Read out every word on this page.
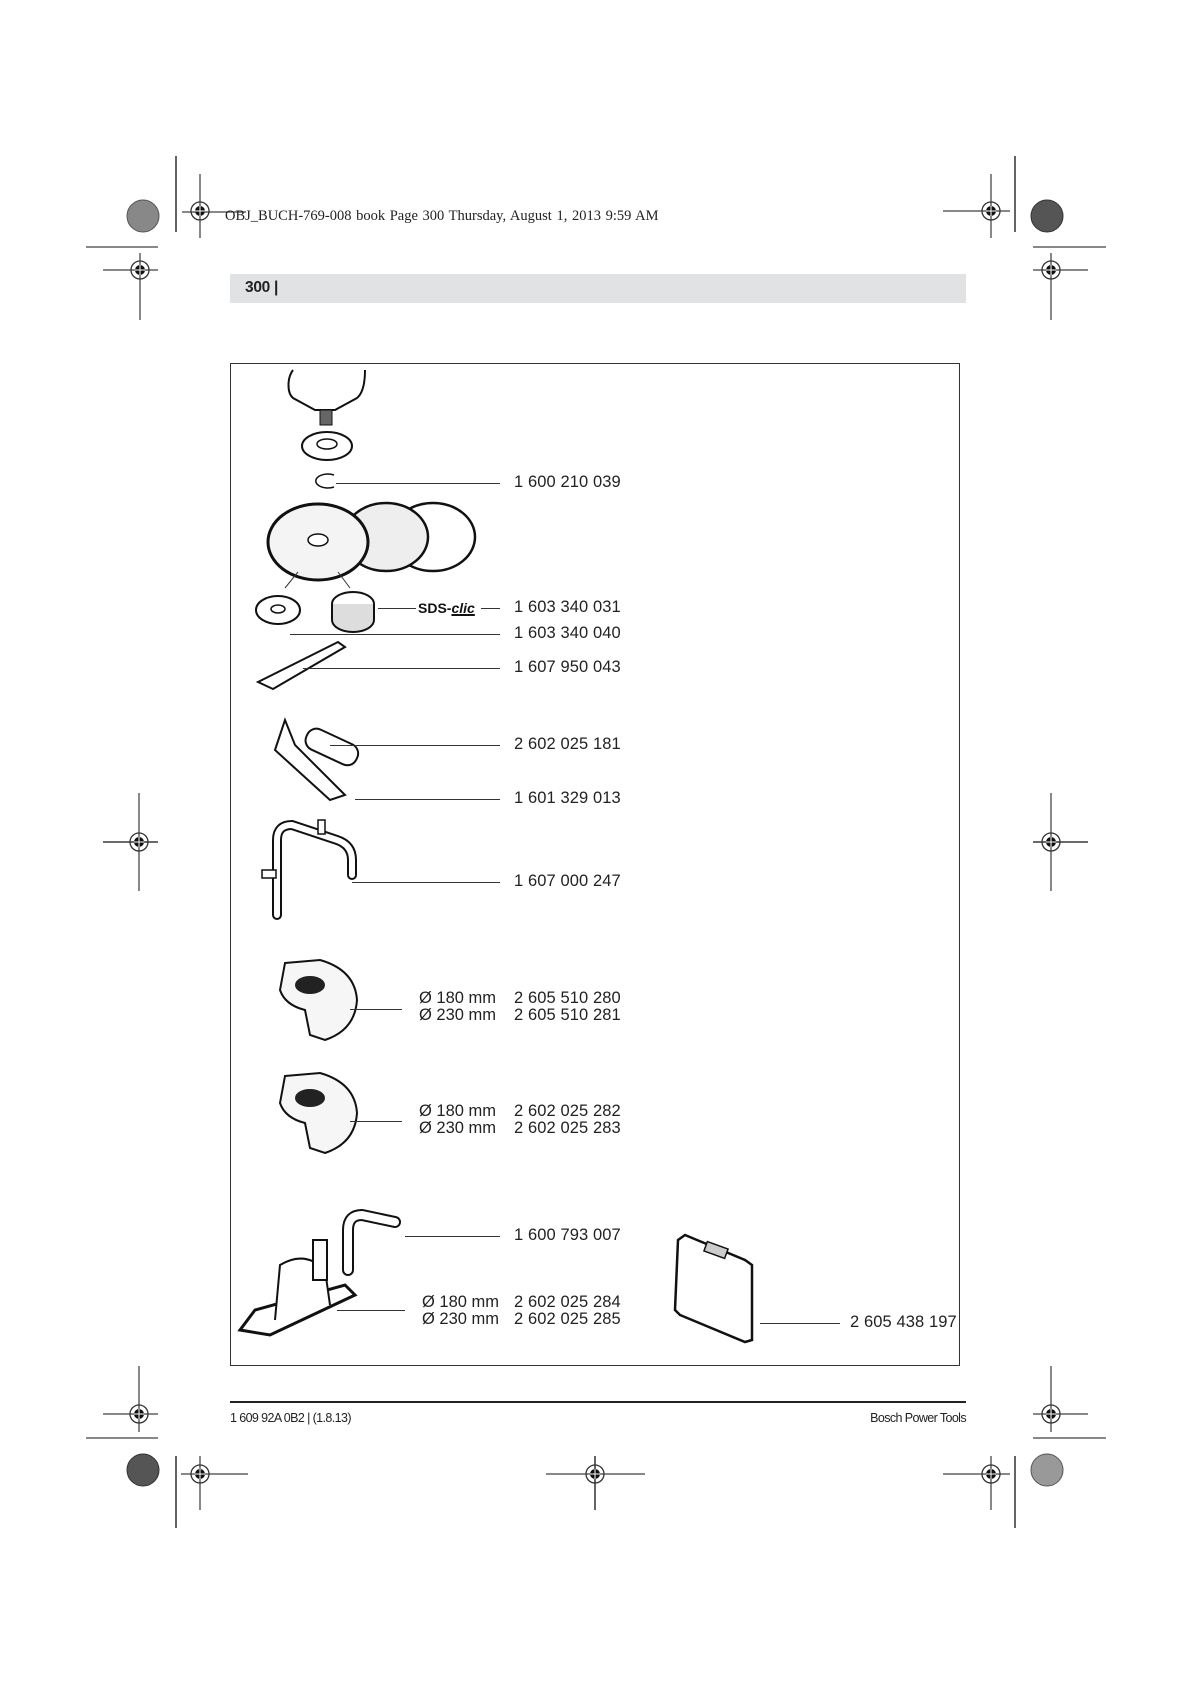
OBJ_BUCH-769-008 book Page 300 Thursday, August 1, 2013 9:59 AM
300 |
1 600 210 039
SDS-clic 1 603 340 031
1 603 340 040
1 607 950 043
2 602 025 181
1 601 329 013
1 607 000 247
Ø 180 mm 2 605 510 280
Ø 230 mm 2 605 510 281
Ø 180 mm 2 602 025 282
Ø 230 mm 2 602 025 283
1 600 793 007
Ø 180 mm 2 602 025 284
Ø 230 mm 2 602 025 285	2 605 438 197
1 609 92A 0B2 | (1.8.13)	Bosch Power Tools
